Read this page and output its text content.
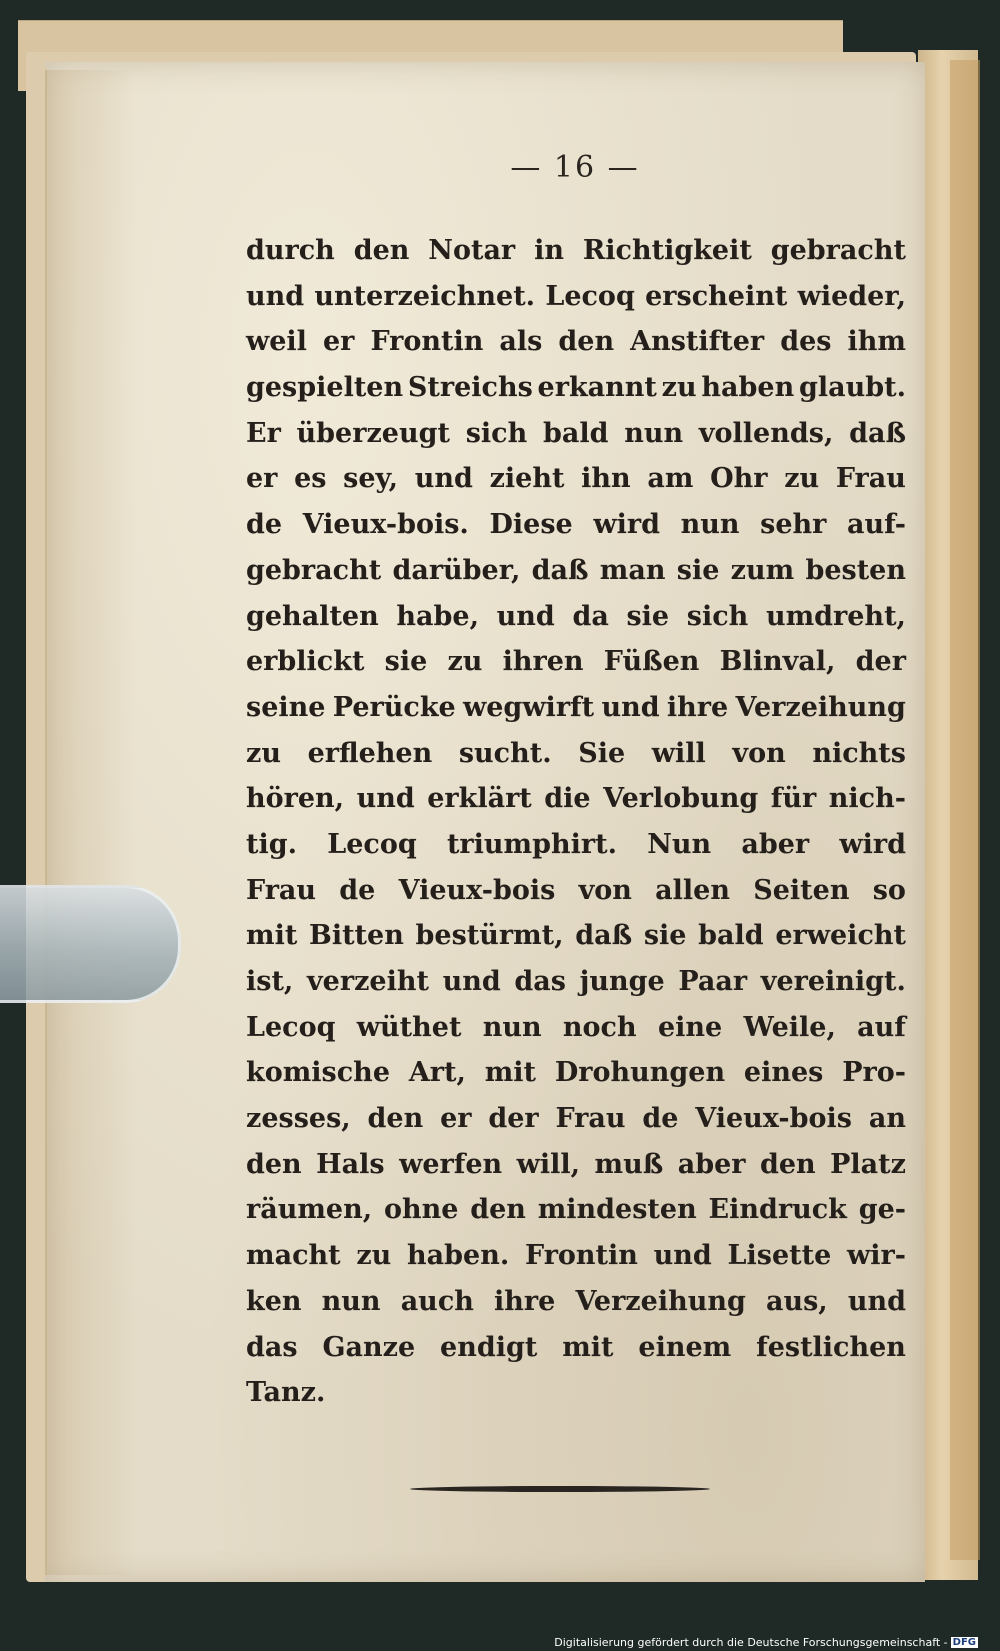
— 16 —
durch den Notar in Richtigkeit gebracht
und unterzeichnet. Lecoq erscheint wieder,
weil er Frontin als den Anstifter des ihm
gespielten Streichs erkannt zu haben glaubt.
Er überzeugt sich bald nun vollends, daß
er es sey, und zieht ihn am Ohr zu Frau
de Vieux-bois. Diese wird nun sehr auf-
gebracht darüber, daß man sie zum besten
gehalten habe, und da sie sich umdreht,
erblickt sie zu ihren Füßen Blinval, der
seine Perücke wegwirft und ihre Verzeihung
zu erflehen sucht. Sie will von nichts
hören, und erklärt die Verlobung für nich-
tig. Lecoq triumphirt. Nun aber wird
Frau de Vieux-bois von allen Seiten so
mit Bitten bestürmt, daß sie bald erweicht
ist, verzeiht und das junge Paar vereinigt.
Lecoq wüthet nun noch eine Weile, auf
komische Art, mit Drohungen eines Pro-
zesses, den er der Frau de Vieux-bois an
den Hals werfen will, muß aber den Platz
räumen, ohne den mindesten Eindruck ge-
macht zu haben. Frontin und Lisette wir-
ken nun auch ihre Verzeihung aus, und
das Ganze endigt mit einem festlichen
Tanz.
Digitalisierung gefördert durch die Deutsche Forschungsgemeinschaft - DFG
